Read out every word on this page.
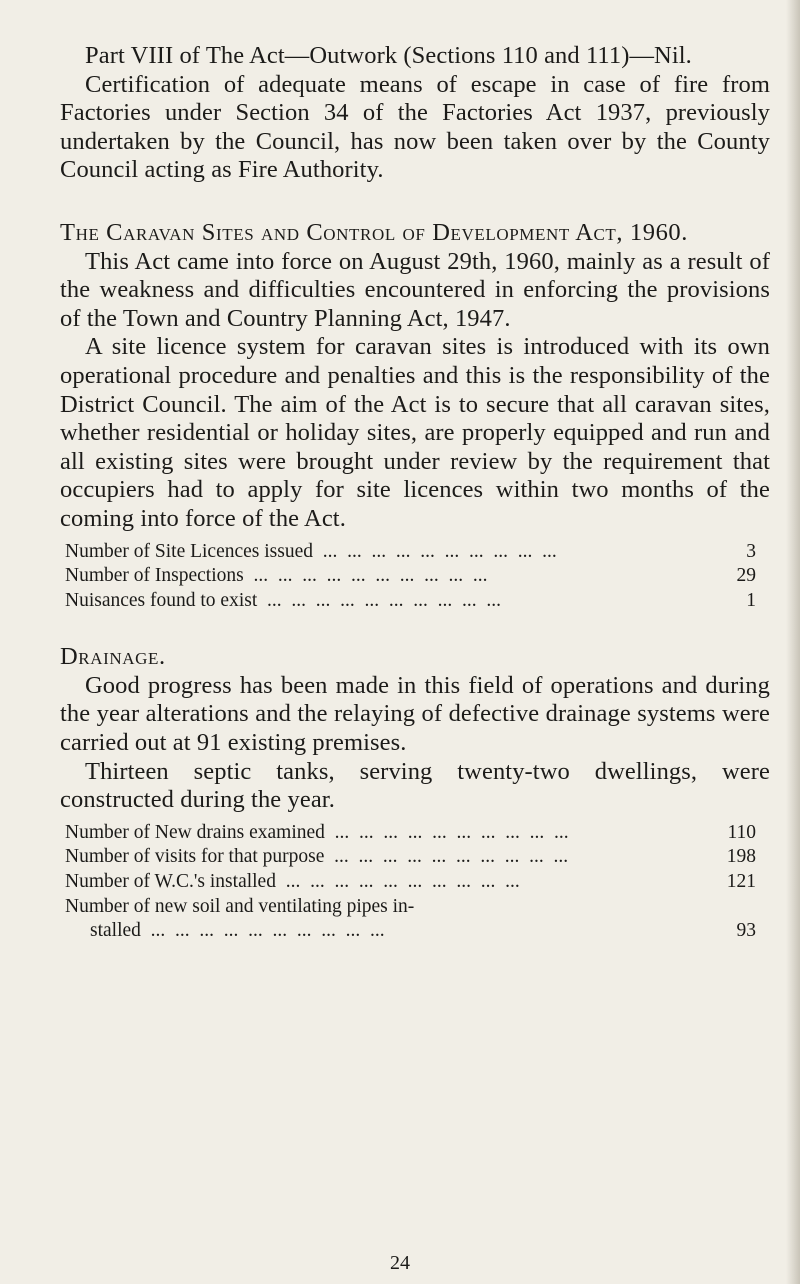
Part VIII of The Act—Outwork (Sections 110 and 111)—Nil.

Certification of adequate means of escape in case of fire from Factories under Section 34 of the Factories Act 1937, previously undertaken by the Council, has now been taken over by the County Council acting as Fire Authority.

The Caravan Sites and Control of Development Act, 1960.

This Act came into force on August 29th, 1960, mainly as a result of the weakness and difficulties encountered in enforcing the provisions of the Town and Country Planning Act, 1947.

A site licence system for caravan sites is introduced with its own operational procedure and penalties and this is the responsibility of the District Council. The aim of the Act is to secure that all caravan sites, whether residential or holiday sites, are properly equipped and run and all existing sites were brought under review by the requirement that occupiers had to apply for site licences within two months of the coming into force of the Act.

Number of Site Licences issued ...	3
Number of Inspections ...	29
Nuisances found to exist ...	1

Drainage.

Good progress has been made in this field of operations and during the year alterations and the relaying of defective drainage systems were carried out at 91 existing premises.

Thirteen septic tanks, serving twenty-two dwellings, were constructed during the year.

Number of New drains examined ...	110
Number of visits for that purpose ...	198
Number of W.C.'s installed ...	121
Number of new soil and ventilating pipes in-
stalled ...	93
24
